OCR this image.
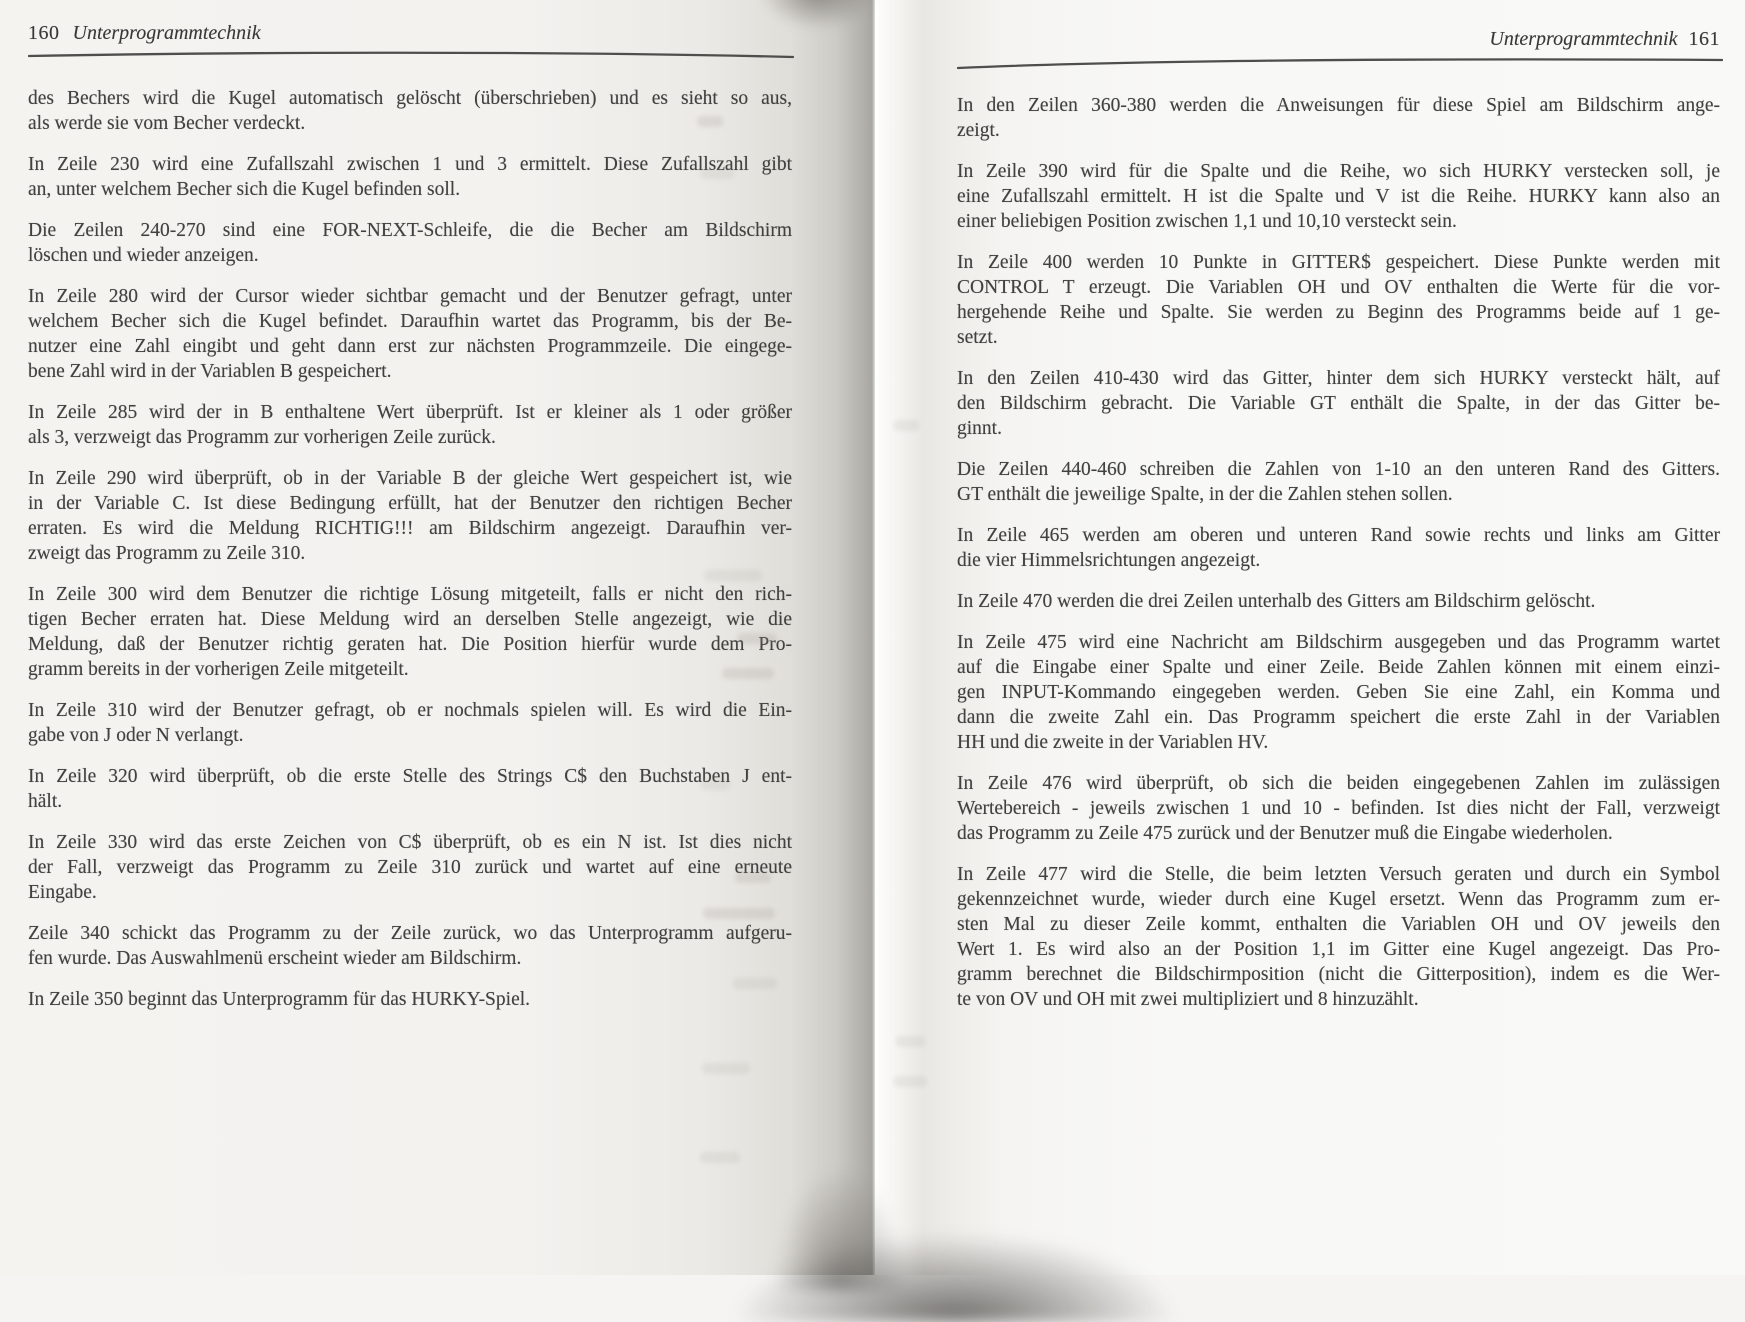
160 Unterprogrammtechnik	Unterprogrammtechnik 161
des Bechers wird die Kugel automatisch gelöscht (überschrieben) und es sieht so aus,
als werde sie vom Becher verdeckt.
In Zeile 230 wird eine Zufallszahl zwischen 1 und 3 ermittelt. Diese Zufallszahl gibt
an, unter welchem Becher sich die Kugel befinden soll.
Die Zeilen 240-270 sind eine FOR-NEXT-Schleife, die die Becher am Bildschirm
löschen und wieder anzeigen.
In Zeile 280 wird der Cursor wieder sichtbar gemacht und der Benutzer gefragt, unter
welchem Becher sich die Kugel befindet. Daraufhin wartet das Programm, bis der Be-
nutzer eine Zahl eingibt und geht dann erst zur nächsten Programmzeile. Die eingege-
bene Zahl wird in der Variablen B gespeichert.
In Zeile 285 wird der in B enthaltene Wert überprüft. Ist er kleiner als 1 oder größer
als 3, verzweigt das Programm zur vorherigen Zeile zurück.
In Zeile 290 wird überprüft, ob in der Variable B der gleiche Wert gespeichert ist, wie
in der Variable C. Ist diese Bedingung erfüllt, hat der Benutzer den richtigen Becher
erraten. Es wird die Meldung RICHTIG!!! am Bildschirm angezeigt. Daraufhin ver-
zweigt das Programm zu Zeile 310.
In Zeile 300 wird dem Benutzer die richtige Lösung mitgeteilt, falls er nicht den rich-
tigen Becher erraten hat. Diese Meldung wird an derselben Stelle angezeigt, wie die
Meldung, daß der Benutzer richtig geraten hat. Die Position hierfür wurde dem Pro-
gramm bereits in der vorherigen Zeile mitgeteilt.
In Zeile 310 wird der Benutzer gefragt, ob er nochmals spielen will. Es wird die Ein-
gabe von J oder N verlangt.
In Zeile 320 wird überprüft, ob die erste Stelle des Strings C$ den Buchstaben J ent-
hält.
In Zeile 330 wird das erste Zeichen von C$ überprüft, ob es ein N ist. Ist dies nicht
der Fall, verzweigt das Programm zu Zeile 310 zurück und wartet auf eine erneute
Eingabe.
Zeile 340 schickt das Programm zu der Zeile zurück, wo das Unterprogramm aufgeru-
fen wurde. Das Auswahlmenü erscheint wieder am Bildschirm.
In Zeile 350 beginnt das Unterprogramm für das HURKY-Spiel.
In den Zeilen 360-380 werden die Anweisungen für diese Spiel am Bildschirm ange-
zeigt.
In Zeile 390 wird für die Spalte und die Reihe, wo sich HURKY verstecken soll, je
eine Zufallszahl ermittelt. H ist die Spalte und V ist die Reihe. HURKY kann also an
einer beliebigen Position zwischen 1,1 und 10,10 versteckt sein.
In Zeile 400 werden 10 Punkte in GITTER$ gespeichert. Diese Punkte werden mit
CONTROL T erzeugt. Die Variablen OH und OV enthalten die Werte für die vor-
hergehende Reihe und Spalte. Sie werden zu Beginn des Programms beide auf 1 ge-
setzt.
In den Zeilen 410-430 wird das Gitter, hinter dem sich HURKY versteckt hält, auf
den Bildschirm gebracht. Die Variable GT enthält die Spalte, in der das Gitter be-
ginnt.
Die Zeilen 440-460 schreiben die Zahlen von 1-10 an den unteren Rand des Gitters.
GT enthält die jeweilige Spalte, in der die Zahlen stehen sollen.
In Zeile 465 werden am oberen und unteren Rand sowie rechts und links am Gitter
die vier Himmelsrichtungen angezeigt.
In Zeile 470 werden die drei Zeilen unterhalb des Gitters am Bildschirm gelöscht.
In Zeile 475 wird eine Nachricht am Bildschirm ausgegeben und das Programm wartet
auf die Eingabe einer Spalte und einer Zeile. Beide Zahlen können mit einem einzi-
gen INPUT-Kommando eingegeben werden. Geben Sie eine Zahl, ein Komma und
dann die zweite Zahl ein. Das Programm speichert die erste Zahl in der Variablen
HH und die zweite in der Variablen HV.
In Zeile 476 wird überprüft, ob sich die beiden eingegebenen Zahlen im zulässigen
Wertebereich - jeweils zwischen 1 und 10 - befinden. Ist dies nicht der Fall, verzweigt
das Programm zu Zeile 475 zurück und der Benutzer muß die Eingabe wiederholen.
In Zeile 477 wird die Stelle, die beim letzten Versuch geraten und durch ein Symbol
gekennzeichnet wurde, wieder durch eine Kugel ersetzt. Wenn das Programm zum er-
sten Mal zu dieser Zeile kommt, enthalten die Variablen OH und OV jeweils den
Wert 1. Es wird also an der Position 1,1 im Gitter eine Kugel angezeigt. Das Pro-
gramm berechnet die Bildschirmposition (nicht die Gitterposition), indem es die Wer-
te von OV und OH mit zwei multipliziert und 8 hinzuzählt.
